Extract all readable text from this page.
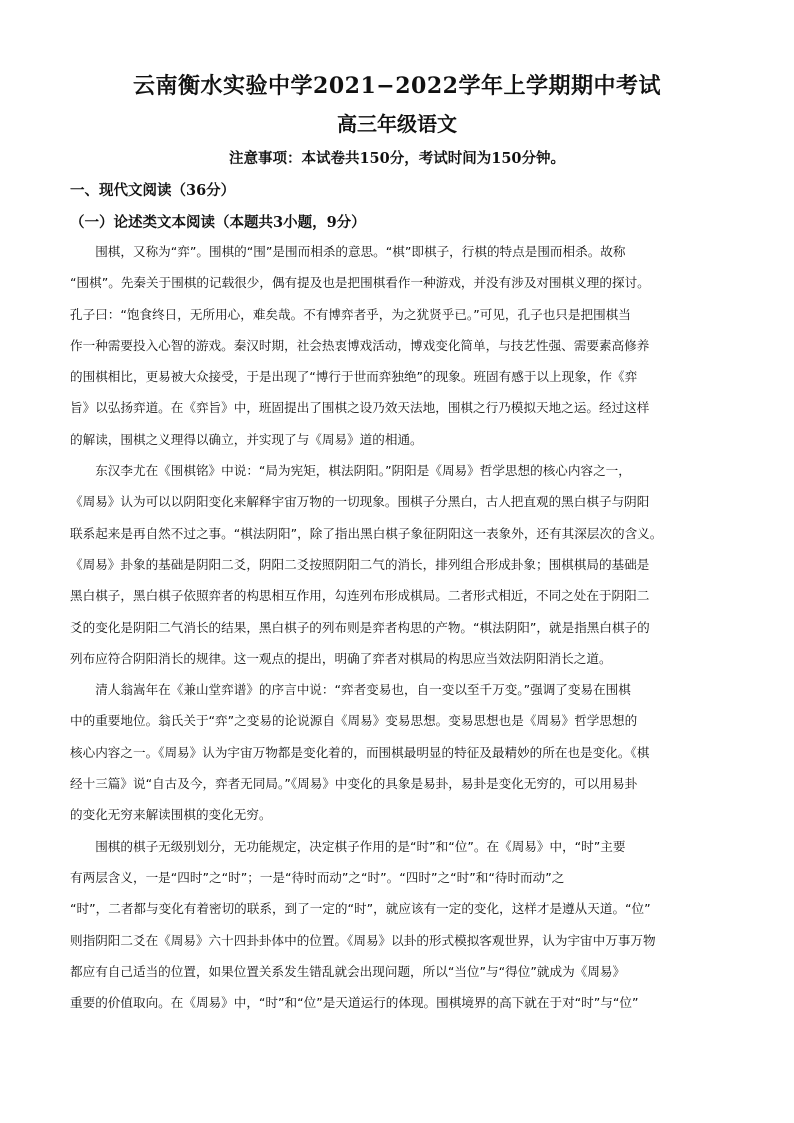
云南衡水实验中学2021−2022学年上学期期中考试
高三年级语文
注意事项：本试卷共150分，考试时间为150分钟。
一、现代文阅读（36分）
（一）论述类文本阅读（本题共3小题，9分）
　　围棋，又称为“弈”。围棋的“围”是围而相杀的意思。“棋”即棋子，行棋的特点是围而相杀。故称
“围棋”。先秦关于围棋的记载很少，偶有提及也是把围棋看作一种游戏，并没有涉及对围棋义理的探讨。
孔子曰：“饱食终日，无所用心，难矣哉。不有博弈者乎，为之犹贤乎已。”可见，孔子也只是把围棋当
作一种需要投入心智的游戏。秦汉时期，社会热衷博戏活动，博戏变化简单，与技艺性强、需要素高修养
的围棋相比，更易被大众接受，于是出现了“博行于世而弈独绝”的现象。班固有感于以上现象，作《弈
旨》以弘扬弈道。在《弈旨》中，班固提出了围棋之设乃效天法地，围棋之行乃模拟天地之运。经过这样
的解读，围棋之义理得以确立，并实现了与《周易》道的相通。
　　东汉李尤在《围棋铭》中说：“局为宪矩，棋法阴阳。”阴阳是《周易》哲学思想的核心内容之一，
《周易》认为可以以阴阳变化来解释宇宙万物的一切现象。围棋子分黑白，古人把直观的黑白棋子与阴阳
联系起来是再自然不过之事。“棋法阴阳”，除了指出黑白棋子象征阴阳这一表象外，还有其深层次的含义。
《周易》卦象的基础是阴阳二爻，阴阳二爻按照阴阳二气的消长，排列组合形成卦象；围棋棋局的基础是
黑白棋子，黑白棋子依照弈者的构思相互作用，勾连列布形成棋局。二者形式相近，不同之处在于阴阳二
爻的变化是阴阳二气消长的结果，黑白棋子的列布则是弈者构思的产物。“棋法阴阳”，就是指黑白棋子的
列布应符合阴阳消长的规律。这一观点的提出，明确了弈者对棋局的构思应当效法阴阳消长之道。
　　清人翁嵩年在《兼山堂弈谱》的序言中说：“弈者变易也，自一变以至千万变。”强调了变易在围棋
中的重要地位。翁氏关于“弈”之变易的论说源自《周易》变易思想。变易思想也是《周易》哲学思想的
核心内容之一。《周易》认为宇宙万物都是变化着的，而围棋最明显的特征及最精妙的所在也是变化。《棋
经十三篇》说“自古及今，弈者无同局。”《周易》中变化的具象是易卦，易卦是变化无穷的，可以用易卦
的变化无穷来解读围棋的变化无穷。
　　围棋的棋子无级别划分，无功能规定，决定棋子作用的是“时”和“位”。在《周易》中，“时”主要
有两层含义，一是“四时”之“时”；一是“待时而动”之“时”。“四时”之“时”和“待时而动”之
“时”，二者都与变化有着密切的联系，到了一定的“时”，就应该有一定的变化，这样才是遵从天道。“位”
则指阴阳二爻在《周易》六十四卦卦体中的位置。《周易》以卦的形式模拟客观世界，认为宇宙中万事万物
都应有自己适当的位置，如果位置关系发生错乱就会出现问题，所以“当位”与“得位”就成为《周易》
重要的价值取向。在《周易》中，“时”和“位”是天道运行的体现。围棋境界的高下就在于对“时”与“位”
